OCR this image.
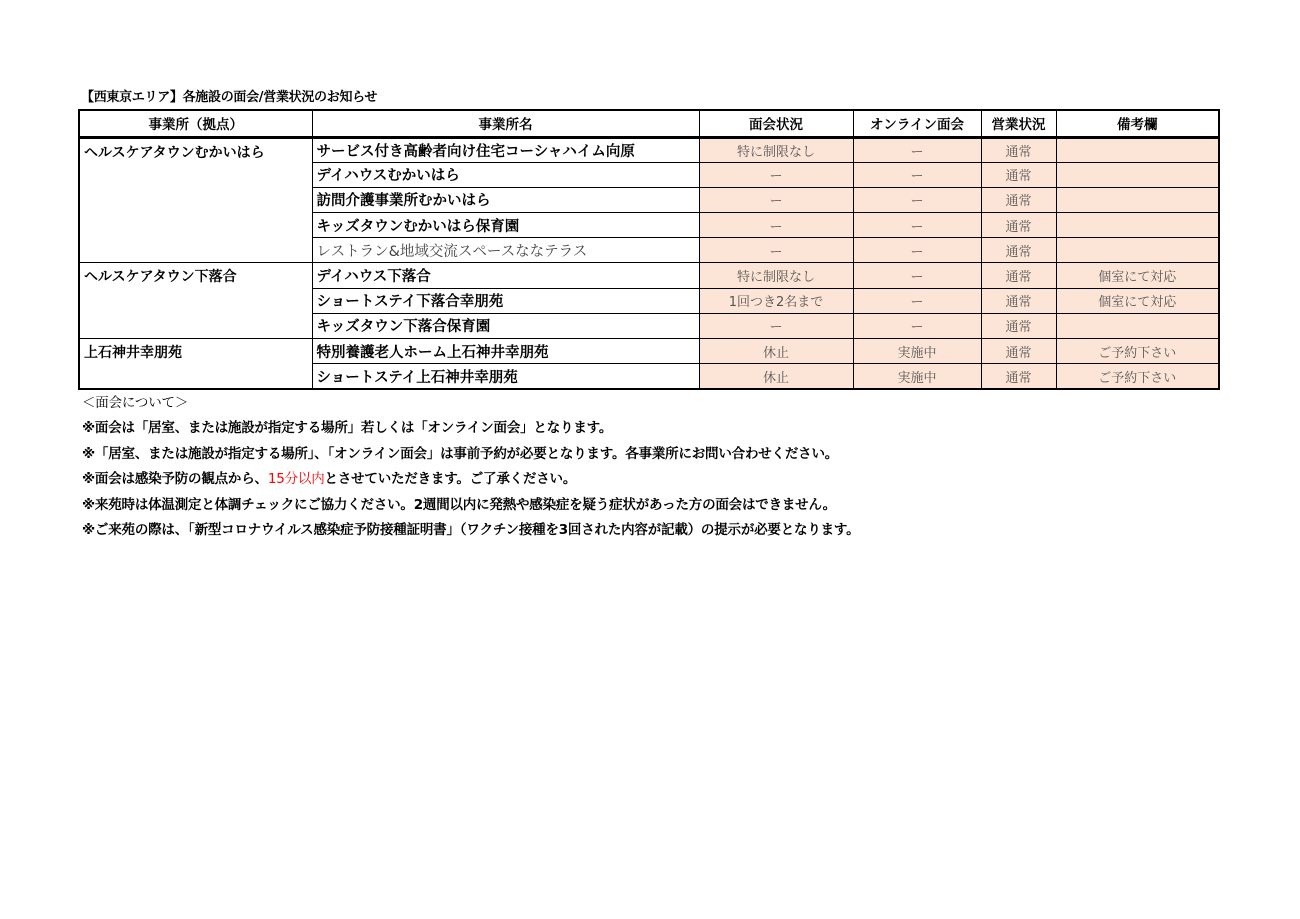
【西東京エリア】各施設の面会/営業状況のお知らせ
事業所（拠点）	事業所名	面会状況	オンライン面会	営業状況	備考欄
ヘルスケアタウンむかいはら	サービス付き高齢者向け住宅コーシャハイム向原	特に制限なし	ー	通常	
	デイハウスむかいはら	ー	ー	通常	
	訪問介護事業所むかいはら	ー	ー	通常	
	キッズタウンむかいはら保育園	ー	ー	通常	
	レストラン&地域交流スペースななテラス	ー	ー	通常	
ヘルスケアタウン下落合	デイハウス下落合	特に制限なし	ー	通常	個室にて対応
	ショートステイ下落合幸朋苑	1回つき2名まで	ー	通常	個室にて対応
	キッズタウン下落合保育園	ー	ー	通常	
上石神井幸朋苑	特別養護老人ホーム上石神井幸朋苑	休止	実施中	通常	ご予約下さい
	ショートステイ上石神井幸朋苑	休止	実施中	通常	ご予約下さい
＜面会について＞
※面会は「居室、または施設が指定する場所」若しくは「オンライン面会」となります。
※「居室、または施設が指定する場所」、「オンライン面会」は事前予約が必要となります。各事業所にお問い合わせください。
※面会は感染予防の観点から、15分以内とさせていただきます。ご了承ください。
※来苑時は体温測定と体調チェックにご協力ください。2週間以内に発熱や感染症を疑う症状があった方の面会はできません。
※ご来苑の際は、「新型コロナウイルス感染症予防接種証明書」（ワクチン接種を3回された内容が記載）の提示が必要となります。
